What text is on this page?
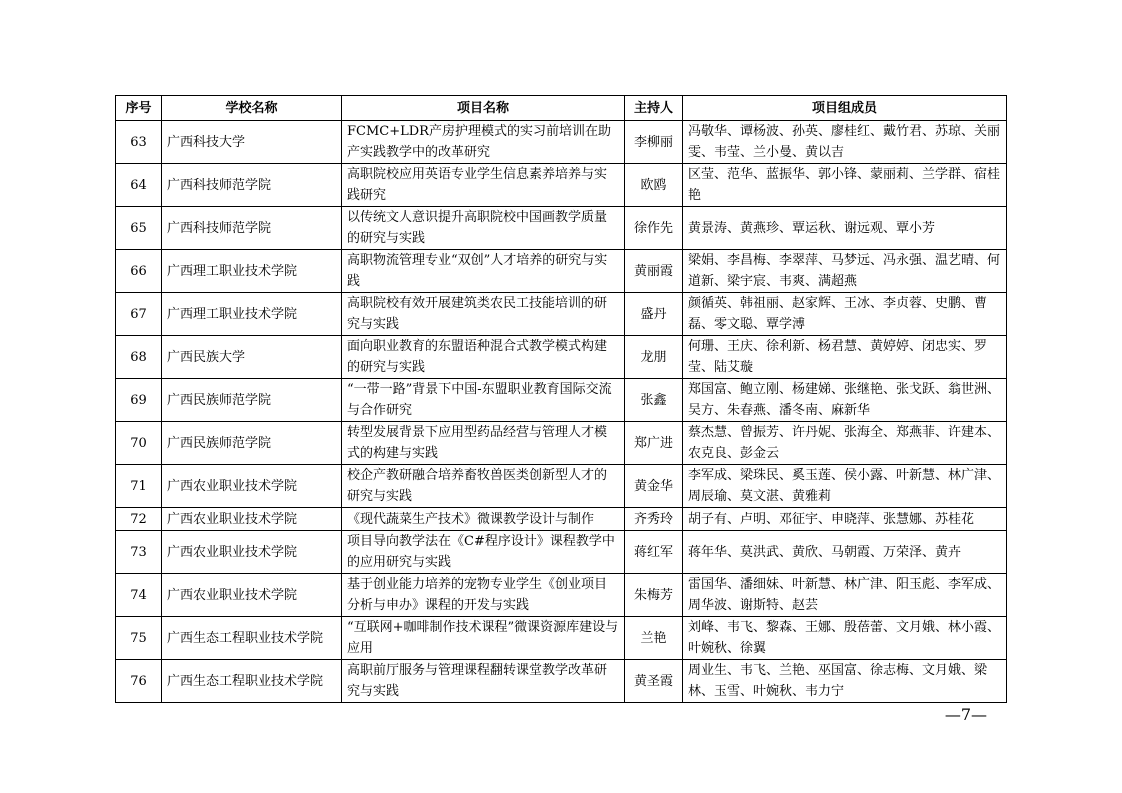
序号	学校名称	项目名称	主持人	项目组成员
63	广西科技大学	FCMC+LDR产房护理模式的实习前培训在助产实践教学中的改革研究	李柳丽	冯敬华、谭杨波、孙英、廖桂红、戴竹君、苏琼、关丽雯、韦莹、兰小曼、黄以吉
64	广西科技师范学院	高职院校应用英语专业学生信息素养培养与实践研究	欧鸥	区莹、范华、蓝振华、郭小锋、蒙丽莉、兰学群、宿桂艳
65	广西科技师范学院	以传统文人意识提升高职院校中国画教学质量的研究与实践	徐作先	黄景涛、黄燕珍、覃运秋、谢远观、覃小芳
66	广西理工职业技术学院	高职物流管理专业“双创”人才培养的研究与实践	黄丽霞	梁娟、李昌梅、李翠萍、马梦远、冯永强、温艺晴、何道新、梁宇宸、韦爽、满超燕
67	广西理工职业技术学院	高职院校有效开展建筑类农民工技能培训的研究与实践	盛丹	颜循英、韩祖丽、赵家辉、王冰、李贞蓉、史鹏、曹磊、零文聪、覃学溥
68	广西民族大学	面向职业教育的东盟语种混合式教学模式构建的研究与实践	龙朋	何珊、王庆、徐利新、杨君慧、黄婷婷、闭忠实、罗莹、陆艾璇
69	广西民族师范学院	“一带一路”背景下中国-东盟职业教育国际交流与合作研究	张鑫	郑国富、鲍立刚、杨建娣、张继艳、张戈跃、翁世洲、吴方、朱春燕、潘冬南、麻新华
70	广西民族师范学院	转型发展背景下应用型药品经营与管理人才模式的构建与实践	郑广进	蔡杰慧、曾振芳、许丹妮、张海全、郑燕菲、许建本、农克良、彭金云
71	广西农业职业技术学院	校企产教研融合培养畜牧兽医类创新型人才的研究与实践	黄金华	李军成、梁珠民、奚玉莲、侯小露、叶新慧、林广津、周辰瑜、莫文湛、黄雅莉
72	广西农业职业技术学院	《现代蔬菜生产技术》微课教学设计与制作	齐秀玲	胡子有、卢明、邓征宇、申晓萍、张慧娜、苏桂花
73	广西农业职业技术学院	项目导向教学法在《C#程序设计》课程教学中的应用研究与实践	蒋红军	蒋年华、莫洪武、黄欣、马朝霞、万荣泽、黄卉
74	广西农业职业技术学院	基于创业能力培养的宠物专业学生《创业项目分析与申办》课程的开发与实践	朱梅芳	雷国华、潘细妹、叶新慧、林广津、阳玉彪、李军成、周华波、谢斯特、赵芸
75	广西生态工程职业技术学院	“互联网+咖啡制作技术课程”微课资源库建设与应用	兰艳	刘峰、韦飞、黎森、王娜、殷蓓蕾、文月娥、林小霞、叶婉秋、徐翼
76	广西生态工程职业技术学院	高职前厅服务与管理课程翻转课堂教学改革研究与实践	黄圣霞	周业生、韦飞、兰艳、巫国富、徐志梅、文月娥、梁林、玉雪、叶婉秋、韦力宁
—7—
